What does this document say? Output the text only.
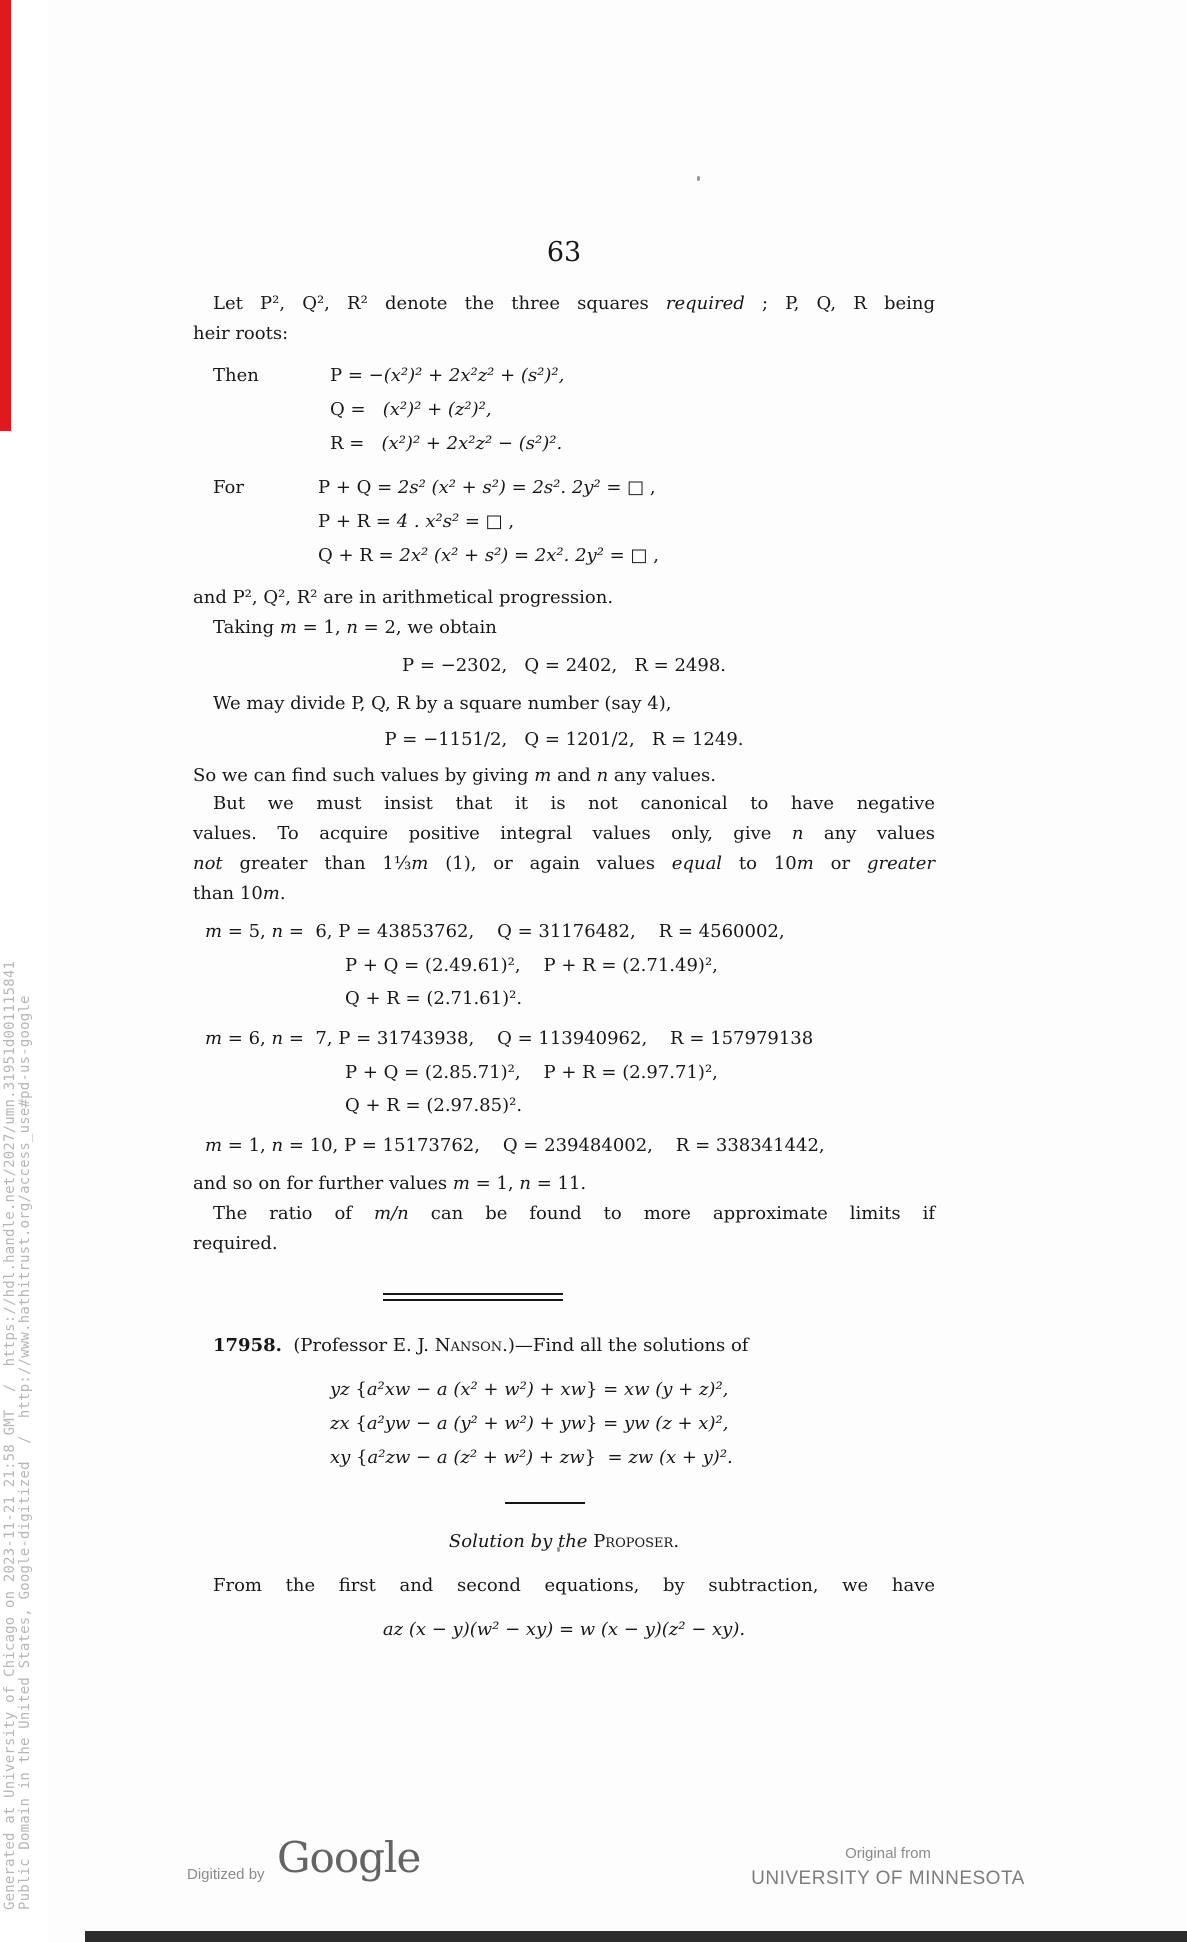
63
Let P², Q², R² denote the three squares required ; P, Q, R being
heir roots:
Then	P = −(x²)² + 2x²z² + (s²)²,
Q =   (x²)² + (z²)²,
R =   (x²)² + 2x²z² − (s²)².
For	P + Q = 2s² (x² + s²) = 2s². 2y² = □ ,
P + R = 4 . x²s² = □ ,
Q + R = 2x² (x² + s²) = 2x². 2y² = □ ,
and P², Q², R² are in arithmetical progression.
Taking m = 1, n = 2, we obtain
P = −2302,   Q = 2402,   R = 2498.
We may divide P, Q, R by a square number (say 4),
P = −1151/2,   Q = 1201/2,   R = 1249.
So we can find such values by giving m and n any values.
But we must insist that it is not canonical to have negative
values. To acquire positive integral values only, give n any values
not greater than 1⅓m (1), or again values equal to 10m or greater
than 10m.
m = 5, n =  6, P = 43853762,    Q = 31176482,    R = 4560002,
P + Q = (2.49.61)²,    P + R = (2.71.49)²,
Q + R = (2.71.61)².
m = 6, n =  7, P = 31743938,    Q = 113940962,    R = 157979138
P + Q = (2.85.71)²,    P + R = (2.97.71)²,
Q + R = (2.97.85)².
m = 1, n = 10, P = 15173762,    Q = 239484002,    R = 338341442,
and so on for further values m = 1, n = 11.
The ratio of m/n can be found to more approximate limits if
required.
17958.  (Professor E. J. Nanson.)—Find all the solutions of
yz {a²xw − a (x² + w²) + xw} = xw (y + z)²,
zx {a²yw − a (y² + w²) + yw} = yw (z + x)²,
xy {a²zw − a (z² + w²) + zw}  = zw (x + y)².
Solution by the Proposer.
From the first and second equations, by subtraction, we have
az (x − y)(w² − xy) = w (x − y)(z² − xy).
Generated at University of Chicago on 2023-11-21 21:58 GMT  /  https://hdl.handle.net/2027/umn.31951d001115841 Public Domain in the United States, Google-digitized  /  http://www.hathitrust.org/access_use#pd-us-google	Digitized by Google	Original from
UNIVERSITY OF MINNESOTA
